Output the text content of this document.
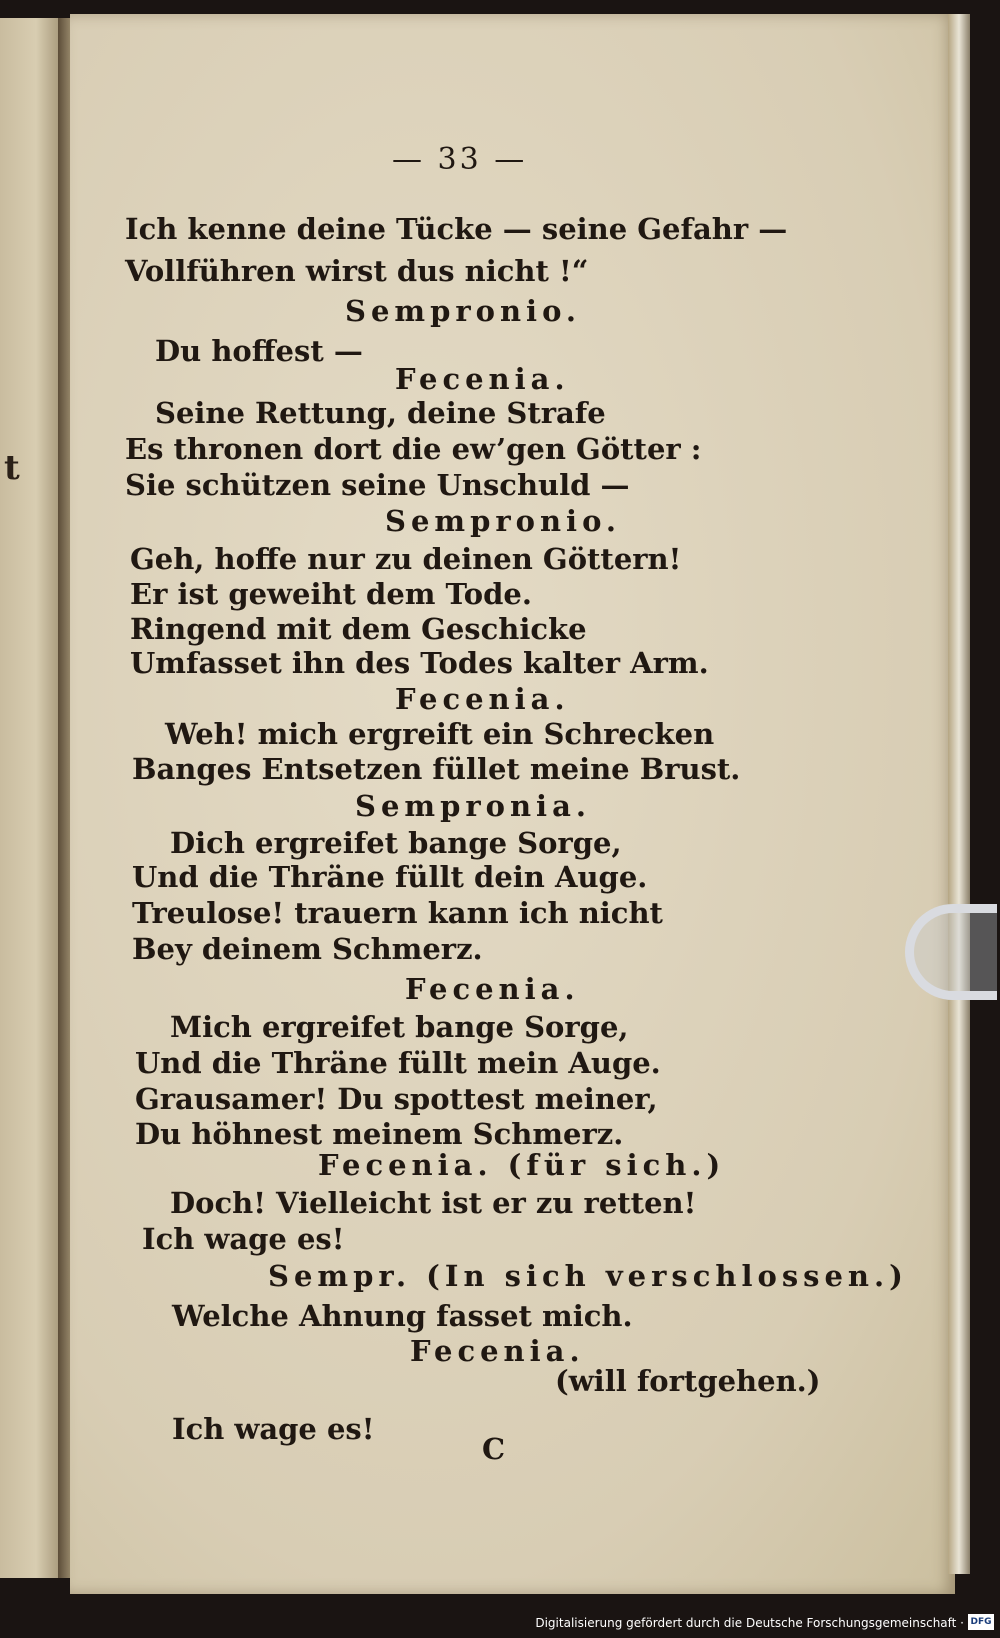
t
— 33 —
Ich kenne deine Tücke — seine Gefahr —
Vollführen wirst dus nicht !“
Sempronio.
Du hoffest —
Fecenia.
Seine Rettung, deine Strafe
Es thronen dort die ew’gen Götter :
Sie schützen seine Unschuld —
Sempronio.
Geh, hoffe nur zu deinen Göttern!
Er ist geweiht dem Tode.
Ringend mit dem Geschicke
Umfasset ihn des Todes kalter Arm.
Fecenia.
Weh! mich ergreift ein Schrecken
Banges Entsetzen füllet meine Brust.
Sempronia.
Dich ergreifet bange Sorge,
Und die Thräne füllt dein Auge.
Treulose! trauern kann ich nicht
Bey deinem Schmerz.
Fecenia.
Mich ergreifet bange Sorge,
Und die Thräne füllt mein Auge.
Grausamer! Du spottest meiner,
Du höhnest meinem Schmerz.
Fecenia. (für sich.)
Doch! Vielleicht ist er zu retten!
Ich wage es!
Sempr. (In sich verschlossen.)
Welche Ahnung fasset mich.
Fecenia.
(will fortgehen.)
Ich wage es!
C
Digitalisierung gefördert durch die Deutsche Forschungsgemeinschaft · DFG
